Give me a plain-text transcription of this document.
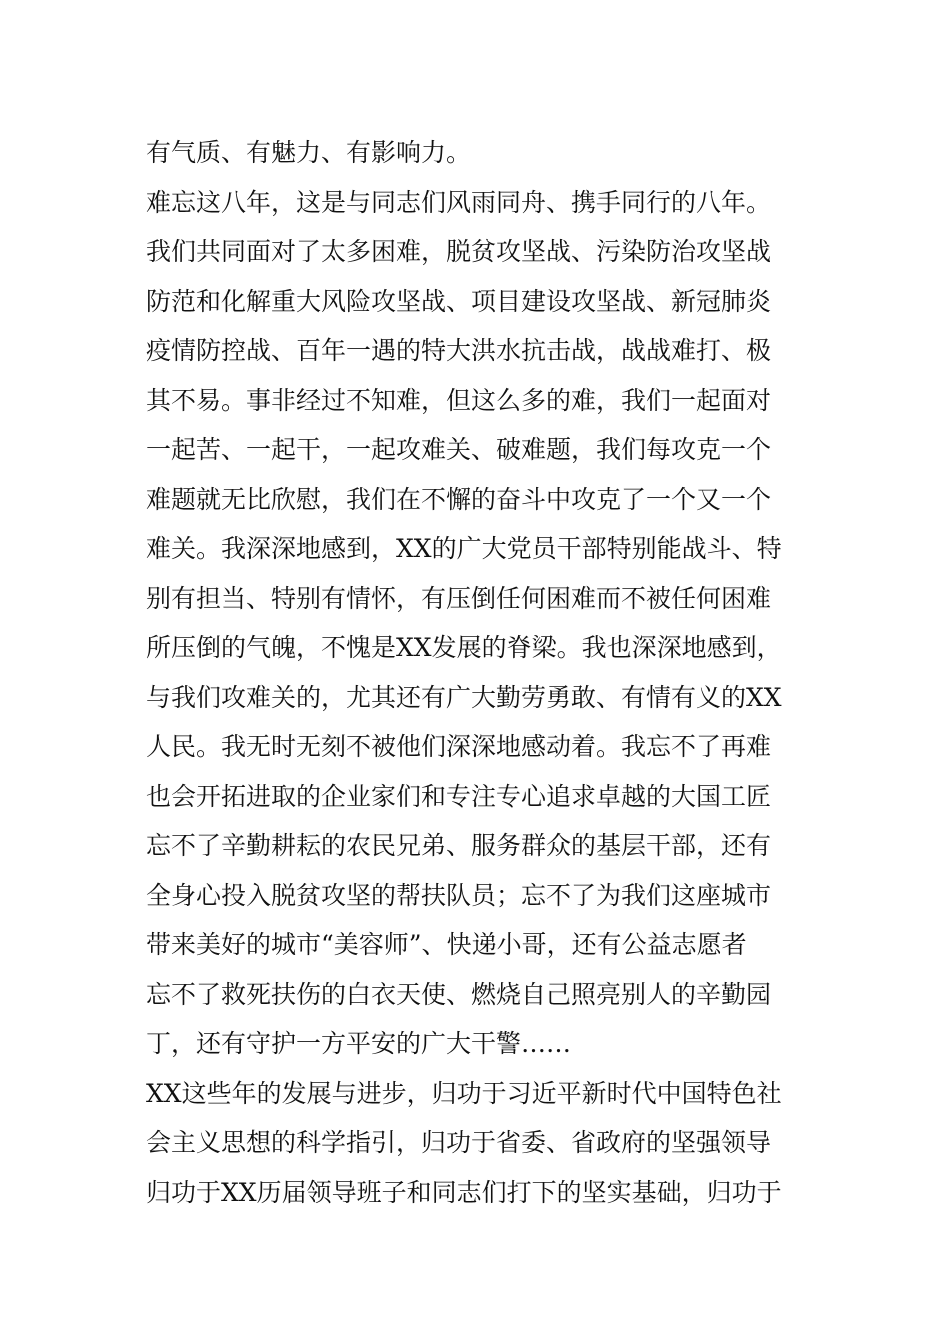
有气质、有魅力、有影响力。
难忘这八年，这是与同志们风雨同舟、携手同行的八年。
我们共同面对了太多困难，脱贫攻坚战、污染防治攻坚战
防范和化解重大风险攻坚战、项目建设攻坚战、新冠肺炎
疫情防控战、百年一遇的特大洪水抗击战，战战难打、极
其不易。事非经过不知难，但这么多的难，我们一起面对
一起苦、一起干，一起攻难关、破难题，我们每攻克一个
难题就无比欣慰，我们在不懈的奋斗中攻克了一个又一个
难关。我深深地感到，XX的广大党员干部特别能战斗、特
别有担当、特别有情怀，有压倒任何困难而不被任何困难
所压倒的气魄，不愧是XX发展的脊梁。我也深深地感到，
与我们攻难关的，尤其还有广大勤劳勇敢、有情有义的XX
人民。我无时无刻不被他们深深地感动着。我忘不了再难
也会开拓进取的企业家们和专注专心追求卓越的大国工匠
忘不了辛勤耕耘的农民兄弟、服务群众的基层干部，还有
全身心投入脱贫攻坚的帮扶队员；忘不了为我们这座城市
带来美好的城市“美容师”、快递小哥，还有公益志愿者
忘不了救死扶伤的白衣天使、燃烧自己照亮别人的辛勤园
丁，还有守护一方平安的广大干警……
XX这些年的发展与进步，归功于习近平新时代中国特色社
会主义思想的科学指引，归功于省委、省政府的坚强领导
归功于XX历届领导班子和同志们打下的坚实基础，归功于
